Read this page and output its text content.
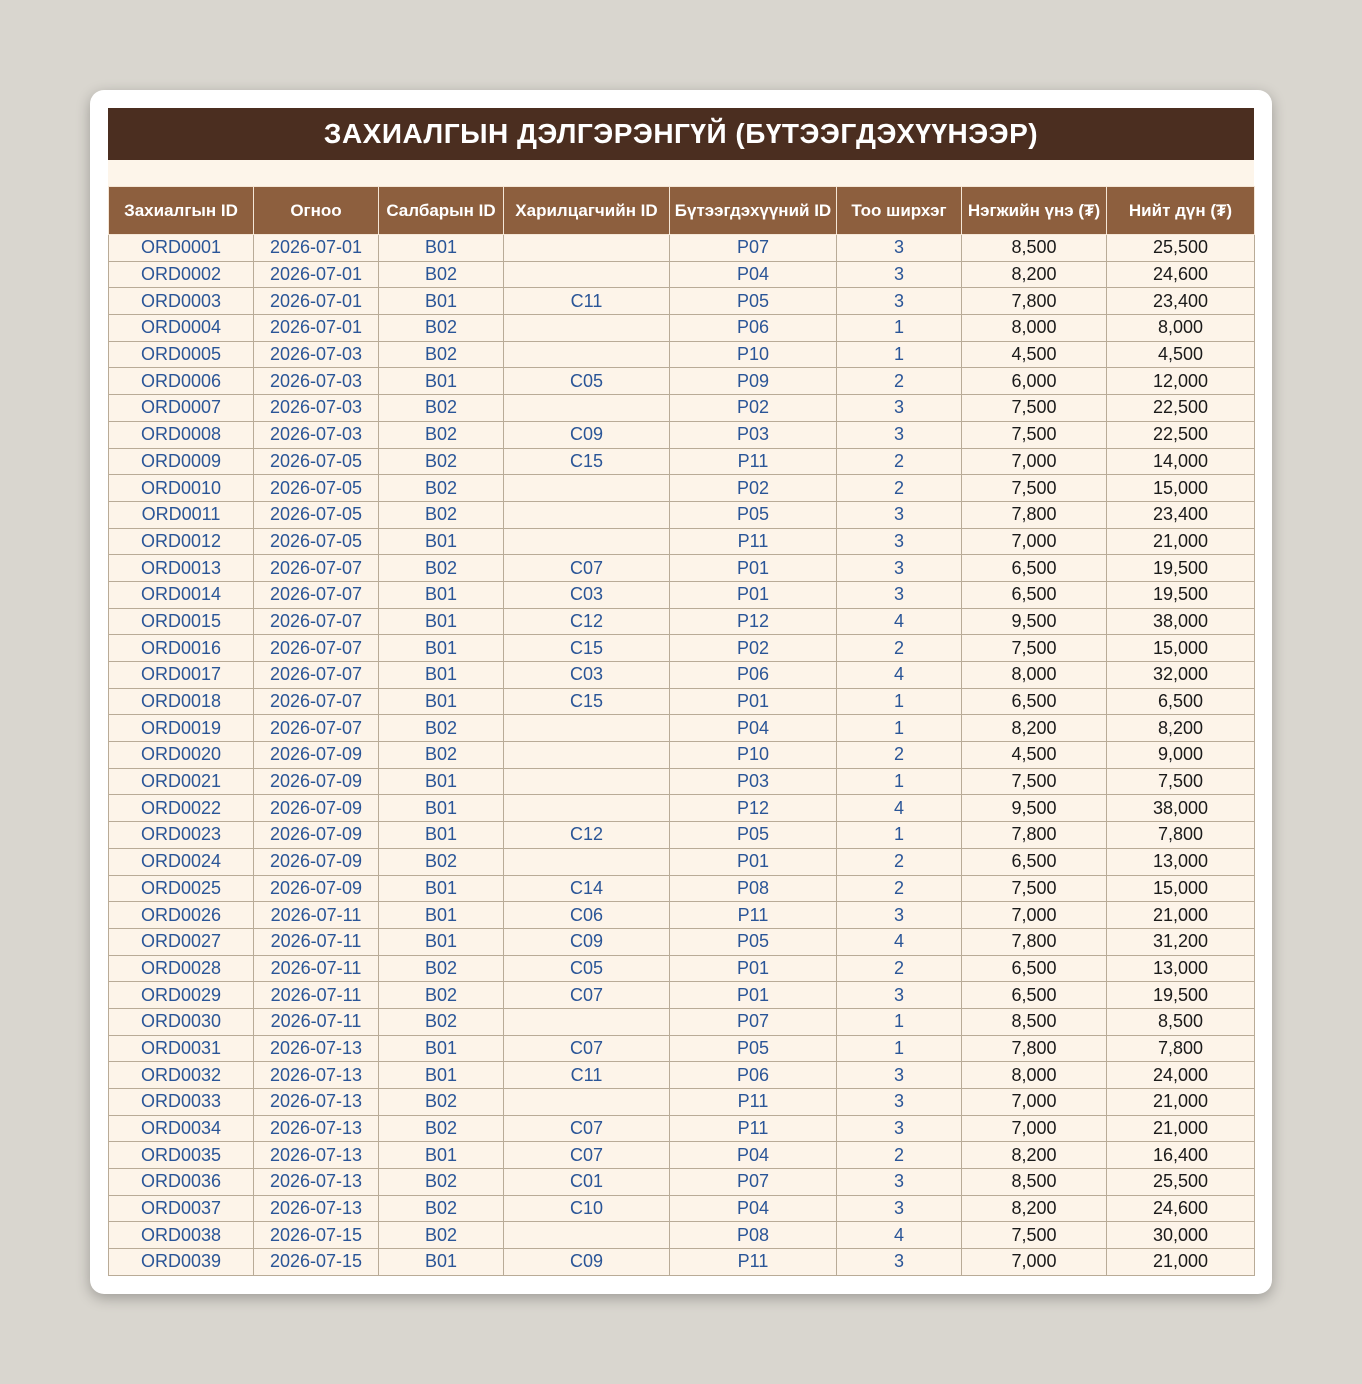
ЗАХИАЛГЫН ДЭЛГЭРЭНГҮЙ (БҮТЭЭГДЭХҮҮНЭЭР)
Захиалгын ID	Огноо	Салбарын ID	Харилцагчийн ID	Бүтээгдэхүүний ID	Тоо ширхэг	Нэгжийн үнэ (₮)	Нийт дүн (₮)
ORD0001	2026-07-01	B01		P07	3	8,500	25,500
ORD0002	2026-07-01	B02		P04	3	8,200	24,600
ORD0003	2026-07-01	B01	C11	P05	3	7,800	23,400
ORD0004	2026-07-01	B02		P06	1	8,000	8,000
ORD0005	2026-07-03	B02		P10	1	4,500	4,500
ORD0006	2026-07-03	B01	C05	P09	2	6,000	12,000
ORD0007	2026-07-03	B02		P02	3	7,500	22,500
ORD0008	2026-07-03	B02	C09	P03	3	7,500	22,500
ORD0009	2026-07-05	B02	C15	P11	2	7,000	14,000
ORD0010	2026-07-05	B02		P02	2	7,500	15,000
ORD0011	2026-07-05	B02		P05	3	7,800	23,400
ORD0012	2026-07-05	B01		P11	3	7,000	21,000
ORD0013	2026-07-07	B02	C07	P01	3	6,500	19,500
ORD0014	2026-07-07	B01	C03	P01	3	6,500	19,500
ORD0015	2026-07-07	B01	C12	P12	4	9,500	38,000
ORD0016	2026-07-07	B01	C15	P02	2	7,500	15,000
ORD0017	2026-07-07	B01	C03	P06	4	8,000	32,000
ORD0018	2026-07-07	B01	C15	P01	1	6,500	6,500
ORD0019	2026-07-07	B02		P04	1	8,200	8,200
ORD0020	2026-07-09	B02		P10	2	4,500	9,000
ORD0021	2026-07-09	B01		P03	1	7,500	7,500
ORD0022	2026-07-09	B01		P12	4	9,500	38,000
ORD0023	2026-07-09	B01	C12	P05	1	7,800	7,800
ORD0024	2026-07-09	B02		P01	2	6,500	13,000
ORD0025	2026-07-09	B01	C14	P08	2	7,500	15,000
ORD0026	2026-07-11	B01	C06	P11	3	7,000	21,000
ORD0027	2026-07-11	B01	C09	P05	4	7,800	31,200
ORD0028	2026-07-11	B02	C05	P01	2	6,500	13,000
ORD0029	2026-07-11	B02	C07	P01	3	6,500	19,500
ORD0030	2026-07-11	B02		P07	1	8,500	8,500
ORD0031	2026-07-13	B01	C07	P05	1	7,800	7,800
ORD0032	2026-07-13	B01	C11	P06	3	8,000	24,000
ORD0033	2026-07-13	B02		P11	3	7,000	21,000
ORD0034	2026-07-13	B02	C07	P11	3	7,000	21,000
ORD0035	2026-07-13	B01	C07	P04	2	8,200	16,400
ORD0036	2026-07-13	B02	C01	P07	3	8,500	25,500
ORD0037	2026-07-13	B02	C10	P04	3	8,200	24,600
ORD0038	2026-07-15	B02		P08	4	7,500	30,000
ORD0039	2026-07-15	B01	C09	P11	3	7,000	21,000
